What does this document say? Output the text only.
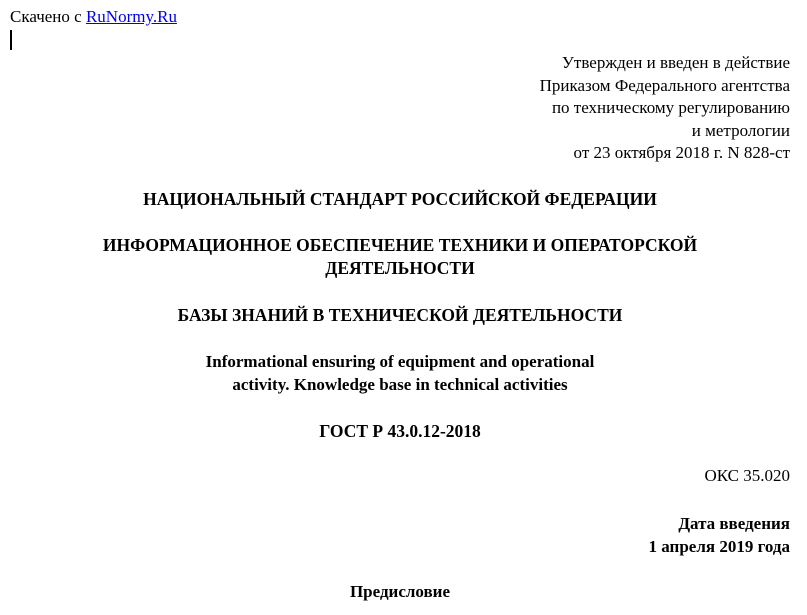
Скачено с RuNormy.Ru
Утвержден и введен в действие
Приказом Федерального агентства
по техническому регулированию
и метрологии
от 23 октября 2018 г. N 828-ст
НАЦИОНАЛЬНЫЙ СТАНДАРТ РОССИЙСКОЙ ФЕДЕРАЦИИ
ИНФОРМАЦИОННОЕ ОБЕСПЕЧЕНИЕ ТЕХНИКИ И ОПЕРАТОРСКОЙ
ДЕЯТЕЛЬНОСТИ
БАЗЫ ЗНАНИЙ В ТЕХНИЧЕСКОЙ ДЕЯТЕЛЬНОСТИ
Informational ensuring of equipment and operational
activity. Knowledge base in technical activities
ГОСТ Р 43.0.12-2018
ОКС 35.020
Дата введения
1 апреля 2019 года
Предисловие
